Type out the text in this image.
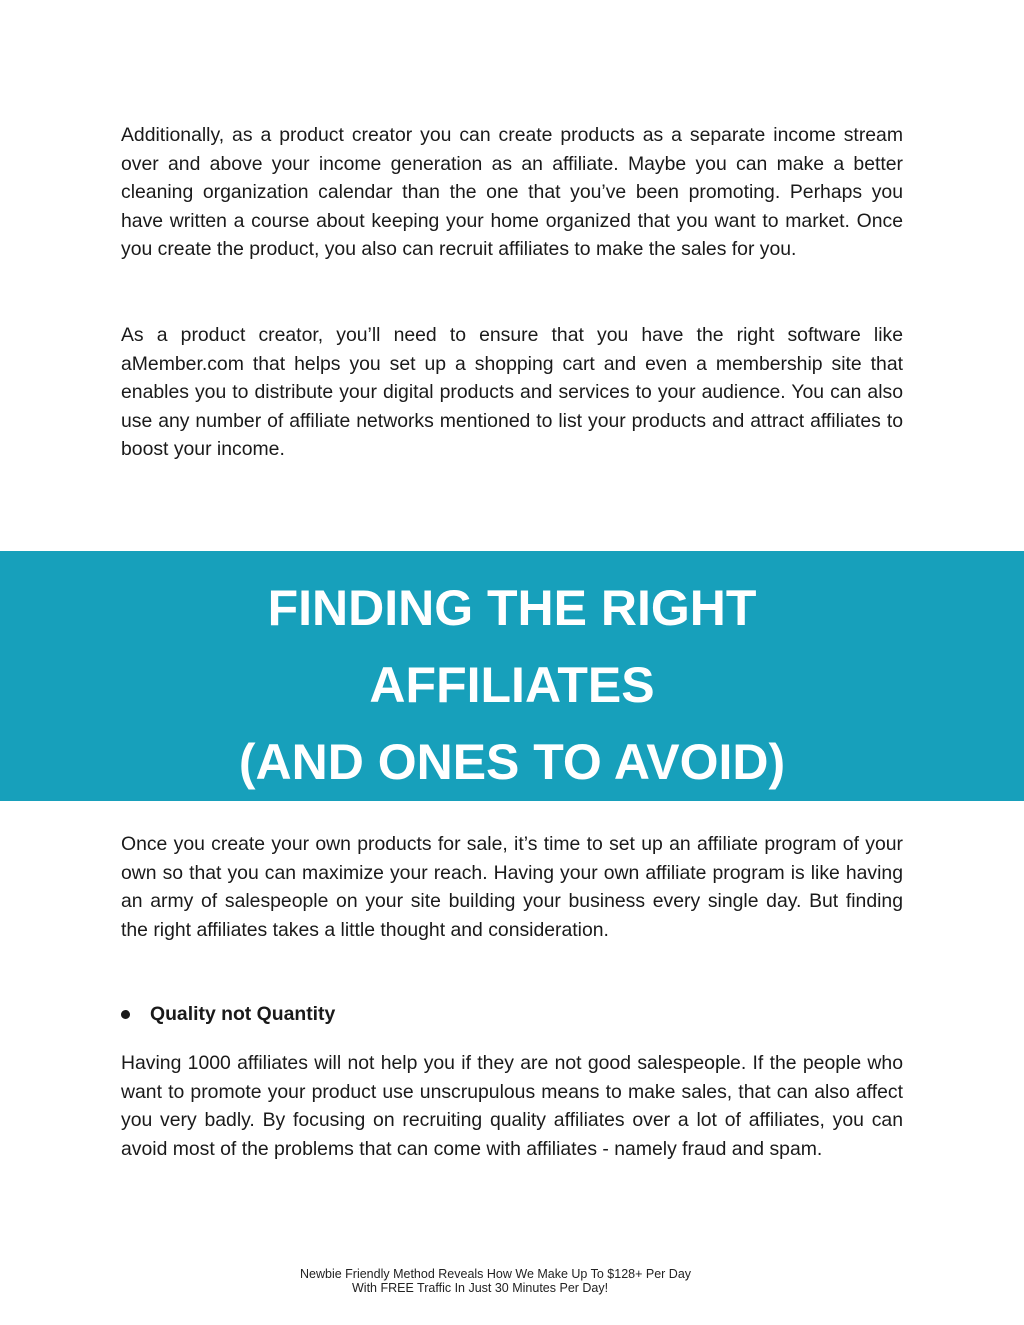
Additionally, as a product creator you can create products as a separate income stream over and above your income generation as an affiliate. Maybe you can make a better cleaning organization calendar than the one that you’ve been promoting. Perhaps you have written a course about keeping your home organized that you want to market. Once you create the product, you also can recruit affiliates to make the sales for you.

As a product creator, you’ll need to ensure that you have the right software like aMember.com that helps you set up a shopping cart and even a membership site that enables you to distribute your digital products and services to your audience. You can also use any number of affiliate networks mentioned to list your products and attract affiliates to boost your income.

FINDING THE RIGHT
AFFILIATES
(AND ONES TO AVOID)

Once you create your own products for sale, it’s time to set up an affiliate program of your own so that you can maximize your reach. Having your own affiliate program is like having an army of salespeople on your site building your business every single day. But finding the right affiliates takes a little thought and consideration.

Quality not Quantity

Having 1000 affiliates will not help you if they are not good salespeople. If the people who want to promote your product use unscrupulous means to make sales, that can also affect you very badly. By focusing on recruiting quality affiliates over a lot of affiliates, you can avoid most of the problems that can come with affiliates - namely fraud and spam.

Newbie Friendly Method Reveals How We Make Up To $128+ Per Day
With FREE Traffic In Just 30 Minutes Per Day!
